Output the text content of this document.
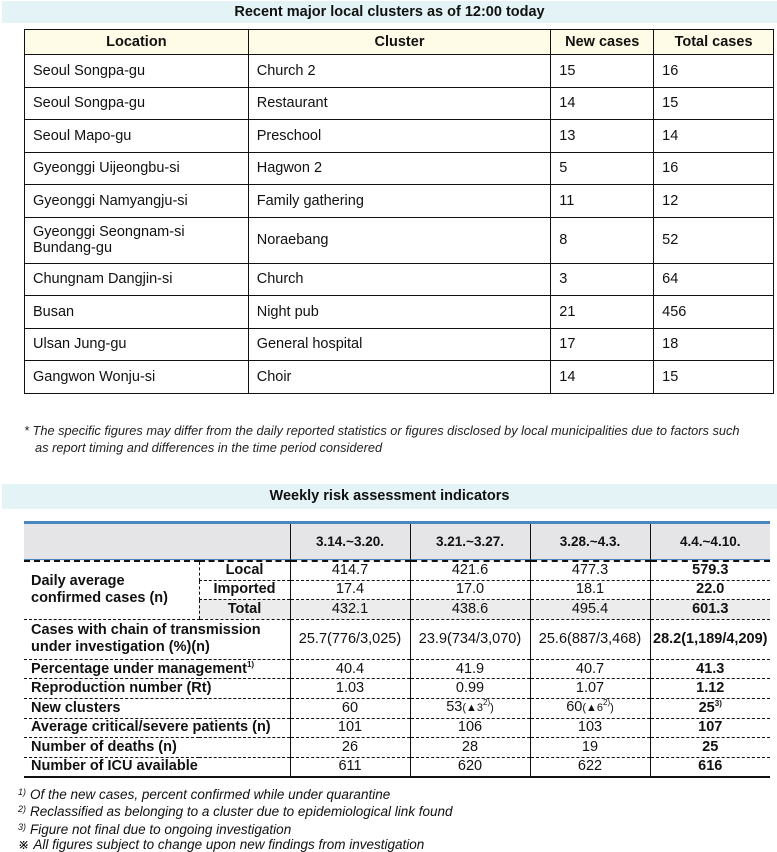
Recent major local clusters as of 12:00 today
Location	Cluster	New cases	Total cases
Seoul Songpa-gu	Church 2	15	16
Seoul Songpa-gu	Restaurant	14	15
Seoul Mapo-gu	Preschool	13	14
Gyeonggi Uijeongbu-si	Hagwon 2	5	16
Gyeonggi Namyangju-si	Family gathering	11	12

Gyeonggi Seongnam-si
Bundang-gu	Noraebang	8	52
Chungnam Dangjin-si	Church	3	64
Busan	Night pub	21	456
Ulsan Jung-gu	General hospital	17	18
Gangwon Wonju-si	Choir	14	15
* The specific figures may differ from the daily reported statistics or figures disclosed by local municipalities due to factors such as report timing and differences in the time period considered
Weekly risk assessment indicators
		3.14.~3.20.	3.21.~3.27.	3.28.~4.3.	4.4.~4.10.

Daily average
confirmed cases (n)	Local	414.7	421.6	477.3	579.3
	Imported	17.4	17.0	18.1	22.0
	Total	432.1	438.6	495.4	601.3

Cases with chain of transmission
under investigation (%)(n)		25.7(776/3,025)	23.9(734/3,070)	25.6(887/3,468)	28.2(1,189/4,209)
Percentage under management$^{1)}$		40.4	41.9	40.7	41.3
Reproduction number (Rt)		1.03	0.99	1.07	1.12
New clusters		60	53(▲3$^{2)}$)	60(▲6$^{2)}$)	25$^{3)}$
Average critical/severe patients (n)		101	106	103	107
Number of deaths (n)		26	28	19	25
Number of ICU available		611	620	622	616
$^{1)}$ Of the new cases, percent confirmed while under quarantine
$^{2)}$ Reclassified as belonging to a cluster due to epidemiological link found
$^{3)}$ Figure not final due to ongoing investigation
※ All figures subject to change upon new findings from investigation
